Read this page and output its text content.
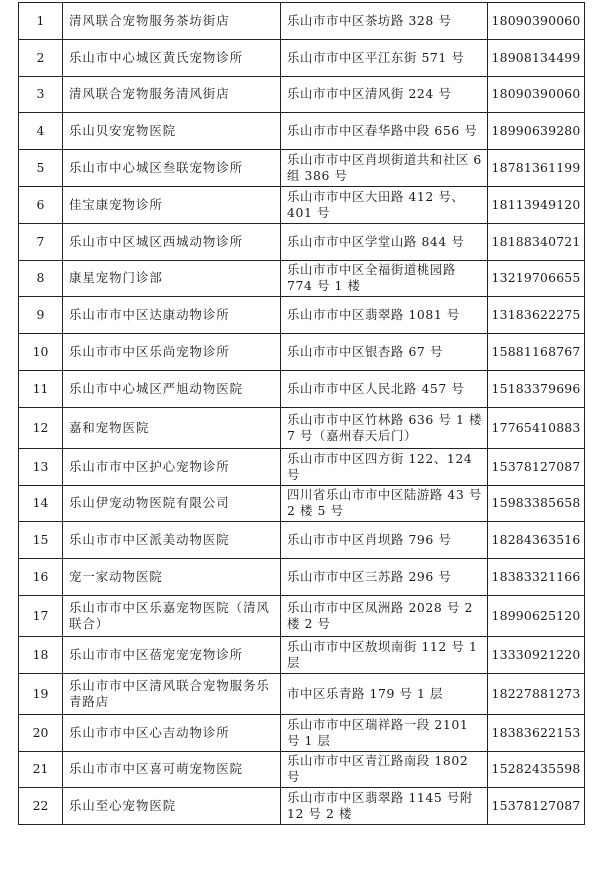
1	清风联合宠物服务茶坊街店	乐山市市中区茶坊路 328 号	18090390060
2	乐山市中心城区黄氏宠物诊所	乐山市市中区平江东街 571 号	18908134499
3	清风联合宠物服务清风街店	乐山市市中区清风街 224 号	18090390060
4	乐山贝安宠物医院	乐山市市中区春华路中段 656 号	18990639280
5	乐山市中心城区叁联宠物诊所	乐山市市中区肖坝街道共和社区 6 组 386 号	18781361199
6	佳宝康宠物诊所	乐山市市中区大田路 412 号、401 号	18113949120
7	乐山市中区城区西城动物诊所	乐山市市中区学堂山路 844 号	18188340721
8	康星宠物门诊部	乐山市市中区全福街道桃园路 774 号 1 楼	13219706655
9	乐山市市中区达康动物诊所	乐山市市中区翡翠路 1081 号	13183622275
10	乐山市市中区乐尚宠物诊所	乐山市市中区银杏路 67 号	15881168767
11	乐山市中心城区严旭动物医院	乐山市市中区人民北路 457 号	15183379696
12	嘉和宠物医院	乐山市市中区竹林路 636 号 1 楼 7 号（嘉州春天后门）	17765410883
13	乐山市市中区护心宠物诊所	乐山市市中区四方街 122、124 号	15378127087
14	乐山伊宠动物医院有限公司	四川省乐山市市中区陆游路 43 号 2 楼 5 号	15983385658
15	乐山市市中区派美动物医院	乐山市市中区肖坝路 796 号	18284363516
16	宠一家动物医院	乐山市市中区三苏路 296 号	18383321166
17	乐山市市中区乐嘉宠物医院（清风联合）	乐山市市中区凤洲路 2028 号 2 楼 2 号	18990625120
18	乐山市市中区蓓宠宠宠物诊所	乐山市市中区敖坝南街 112 号 1 层	13330921220
19	乐山市市中区清风联合宠物服务乐青路店	市中区乐青路 179 号 1 层	18227881273
20	乐山市市中区心吉动物诊所	乐山市市中区瑞祥路一段 2101 号 1 层	18383622153
21	乐山市市中区喜可萌宠物医院	乐山市市中区青江路南段 1802 号	15282435598
22	乐山至心宠物医院	乐山市市中区翡翠路 1145 号附 12 号 2 楼	15378127087
